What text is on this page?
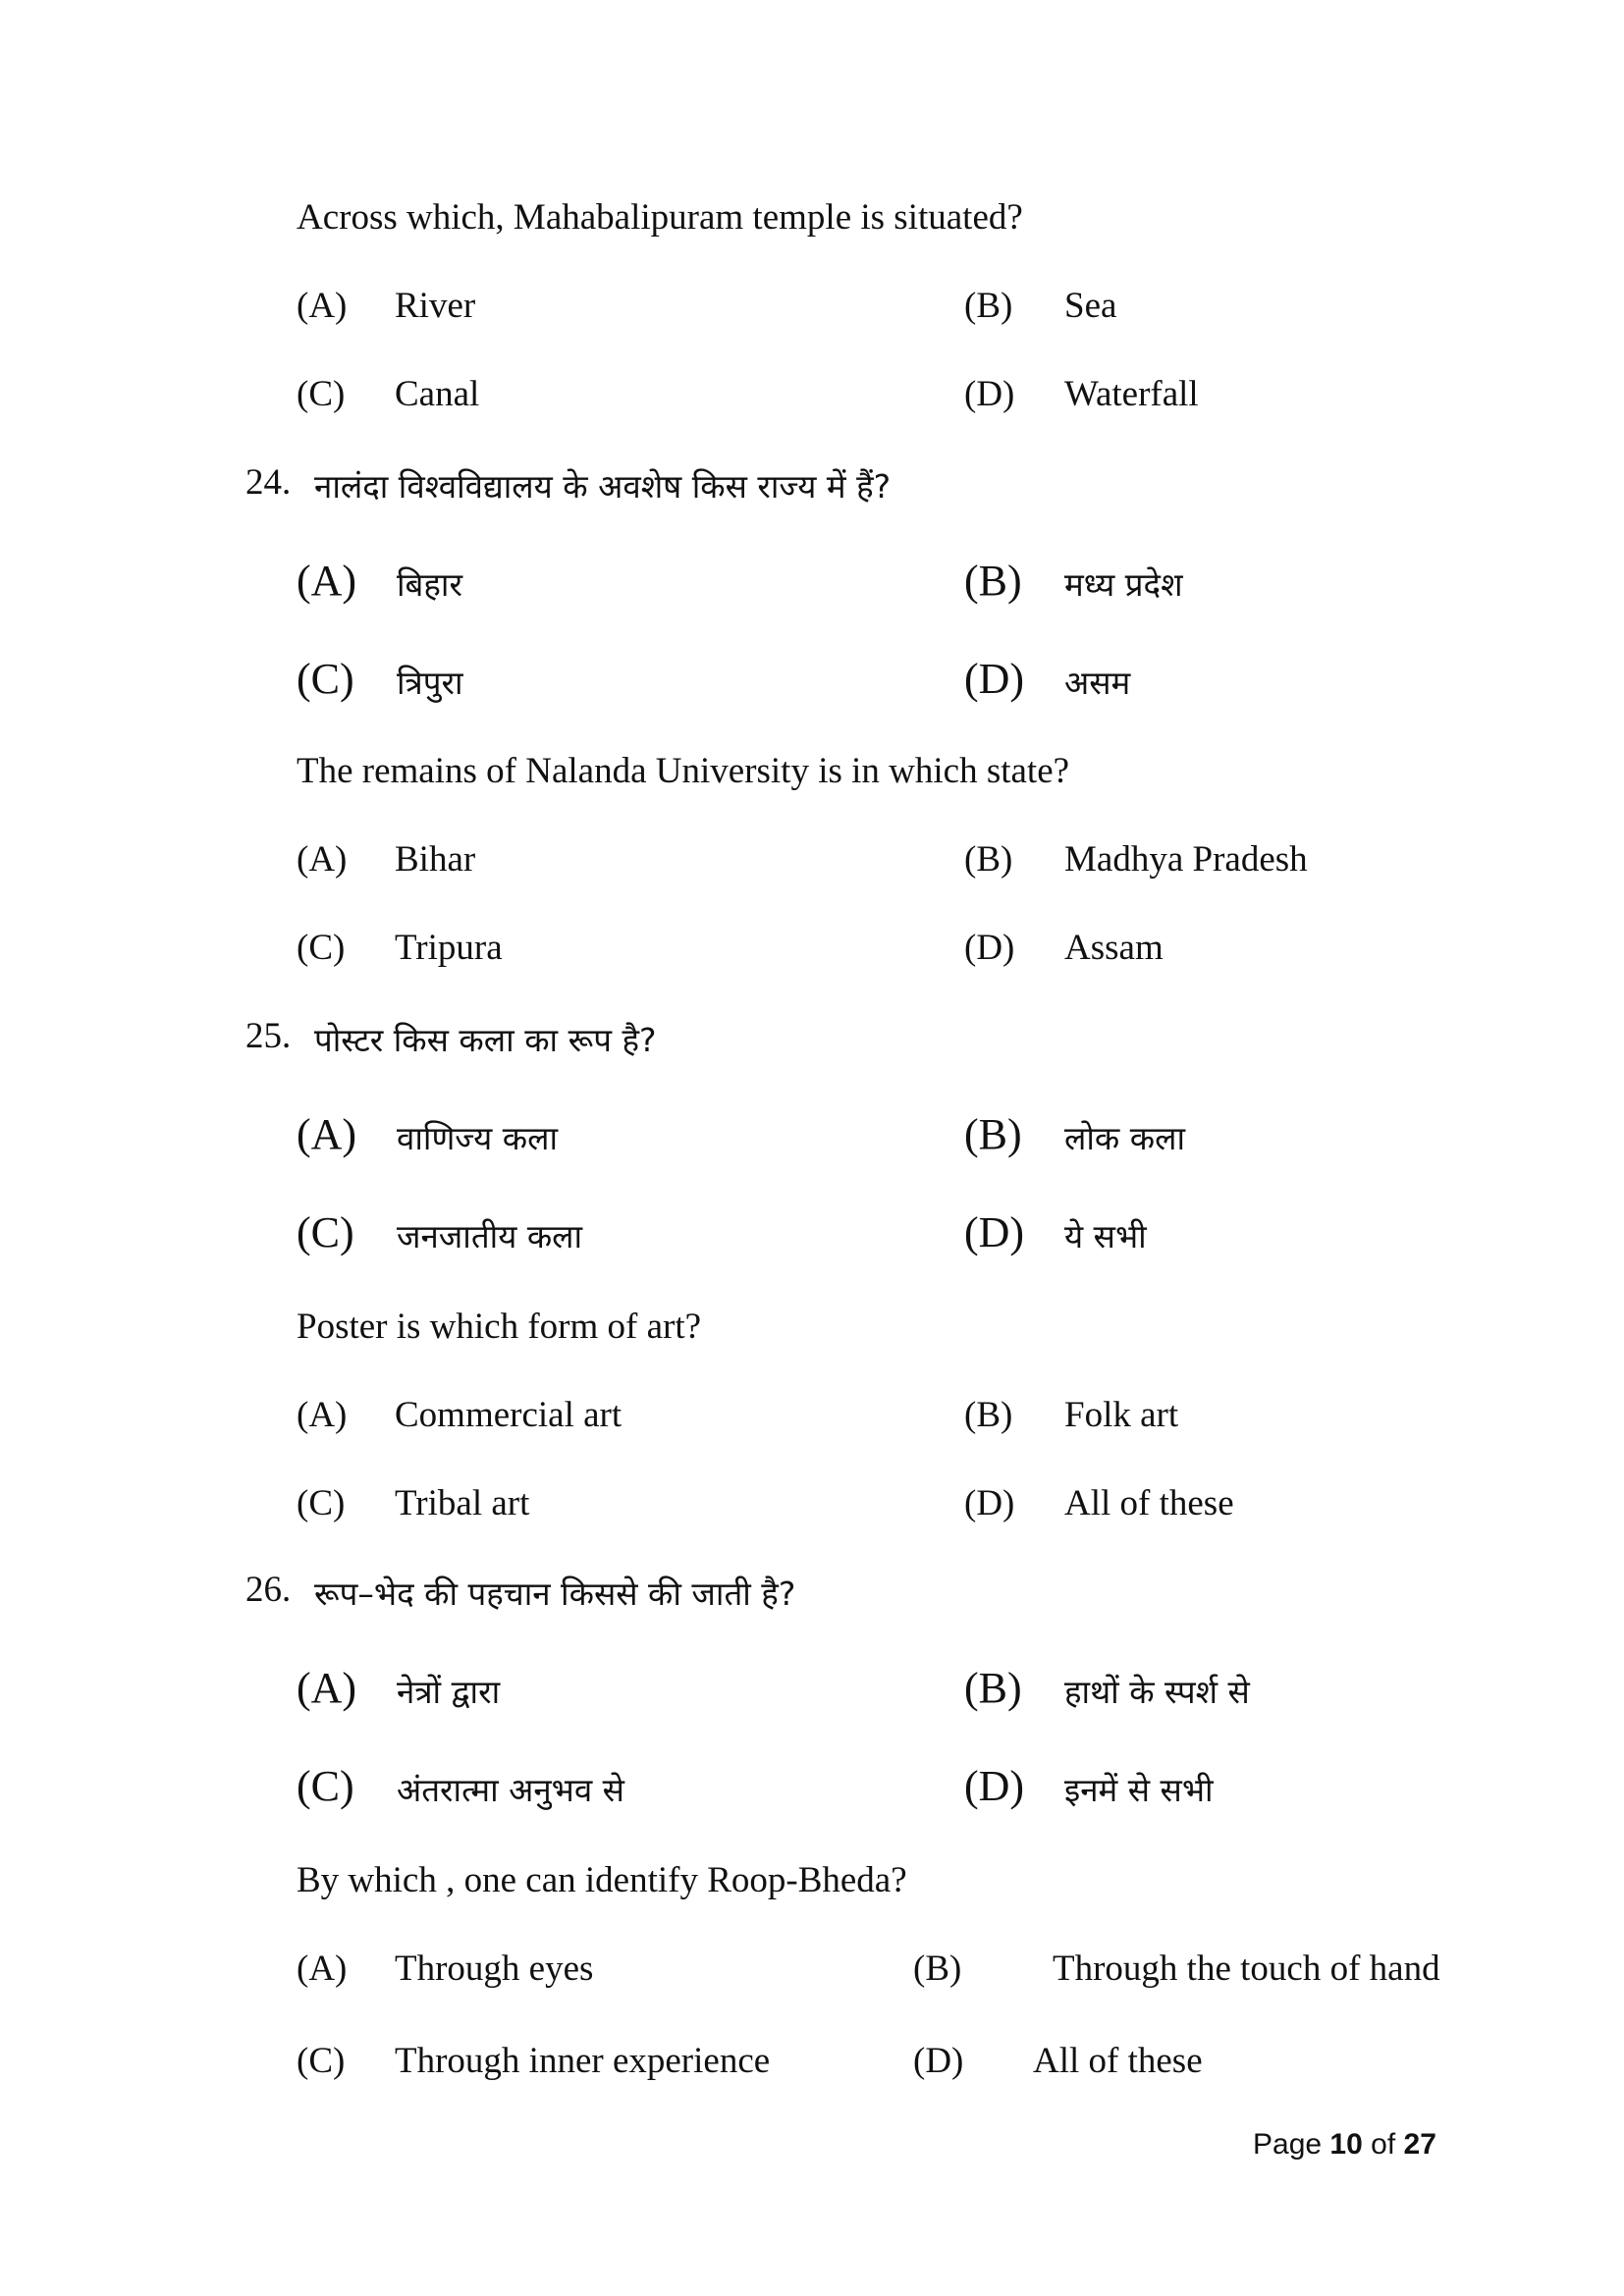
Across which, Mahabalipuram temple is situated?
(A) River	(B) Sea
(C) Canal	(D) Waterfall
24. नालंदा विश्वविद्यालय के अवशेष किस राज्य में हैं?
(A) बिहार	(B) मध्य प्रदेश
(C) त्रिपुरा	(D) असम
The remains of Nalanda University is in which state?
(A) Bihar	(B) Madhya Pradesh
(C) Tripura	(D) Assam
25. पोस्टर किस कला का रूप है?
(A) वाणिज्य कला	(B) लोक कला
(C) जनजातीय कला	(D) ये सभी
Poster is which form of art?
(A) Commercial art	(B) Folk art
(C) Tribal art	(D) All of these
26. रूप–भेद की पहचान किससे की जाती है?
(A) नेत्रों द्वारा	(B) हाथों के स्पर्श से
(C) अंतरात्मा अनुभव से	(D) इनमें से सभी
By which , one can identify Roop-Bheda?
(A) Through eyes	(B)	Through the touch of hand
(C) Through inner experience	(D) All of these
Page 10 of 27
